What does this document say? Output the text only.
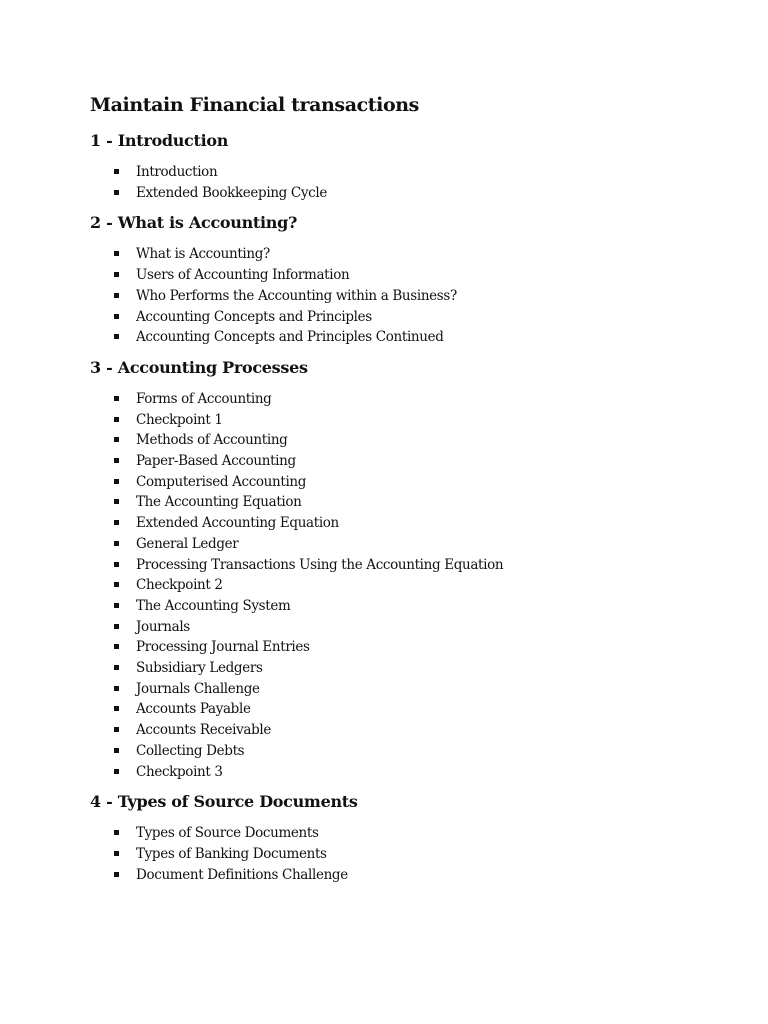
Maintain Financial transactions
1 - Introduction
Introduction
Extended Bookkeeping Cycle
2 - What is Accounting?
What is Accounting?
Users of Accounting Information
Who Performs the Accounting within a Business?
Accounting Concepts and Principles
Accounting Concepts and Principles Continued
3 - Accounting Processes
Forms of Accounting
Checkpoint 1
Methods of Accounting
Paper-Based Accounting
Computerised Accounting
The Accounting Equation
Extended Accounting Equation
General Ledger
Processing Transactions Using the Accounting Equation
Checkpoint 2
The Accounting System
Journals
Processing Journal Entries
Subsidiary Ledgers
Journals Challenge
Accounts Payable
Accounts Receivable
Collecting Debts
Checkpoint 3
4 - Types of Source Documents
Types of Source Documents
Types of Banking Documents
Document Definitions Challenge
